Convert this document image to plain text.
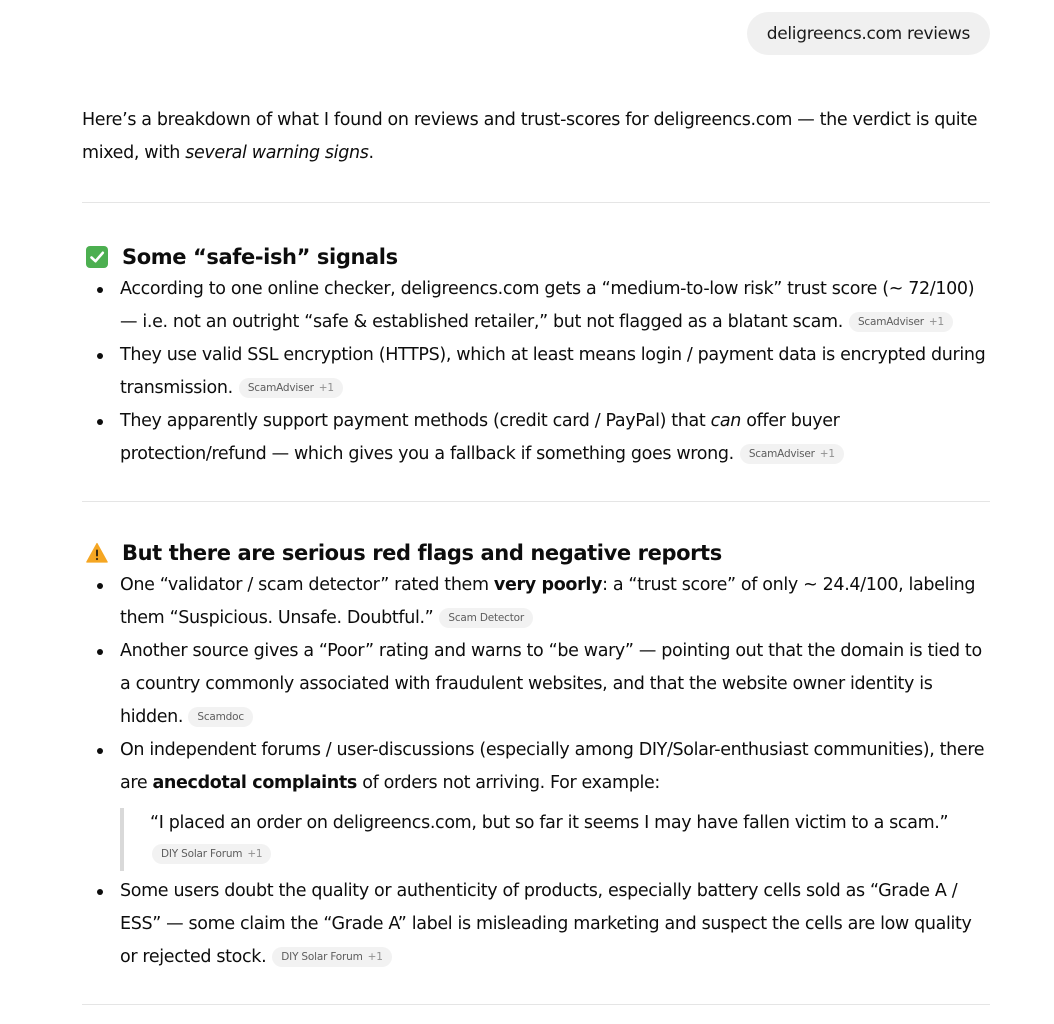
deligreencs.com reviews

Here’s a breakdown of what I found on reviews and trust-scores for deligreencs.com — the verdict is quite mixed, with several warning signs.

Some “safe-ish” signals
According to one online checker, deligreencs.com gets a “medium-to-low risk” trust score (~ 72/100) — i.e. not an outright “safe & established retailer,” but not flagged as a blatant scam. ScamAdviser +1
They use valid SSL encryption (HTTPS), which at least means login / payment data is encrypted during transmission. ScamAdviser +1
They apparently support payment methods (credit card / PayPal) that can offer buyer protection/refund — which gives you a fallback if something goes wrong. ScamAdviser +1
But there are serious red flags and negative reports
One “validator / scam detector” rated them very poorly: a “trust score” of only ~ 24.4/100, labeling them “Suspicious. Unsafe. Doubtful.” Scam Detector
Another source gives a “Poor” rating and warns to “be wary” — pointing out that the domain is tied to a country commonly associated with fraudulent websites, and that the website owner identity is hidden. Scamdoc
On independent forums / user-discussions (especially among DIY/Solar-enthusiast communities), there are anecdotal complaints of orders not arriving. For example:
“I placed an order on deligreencs.com, but so far it seems I may have fallen victim to a scam.”
DIY Solar Forum +1
Some users doubt the quality or authenticity of products, especially battery cells sold as “Grade A / ESS” — some claim the “Grade A” label is misleading marketing and suspect the cells are low quality or rejected stock. DIY Solar Forum +1
